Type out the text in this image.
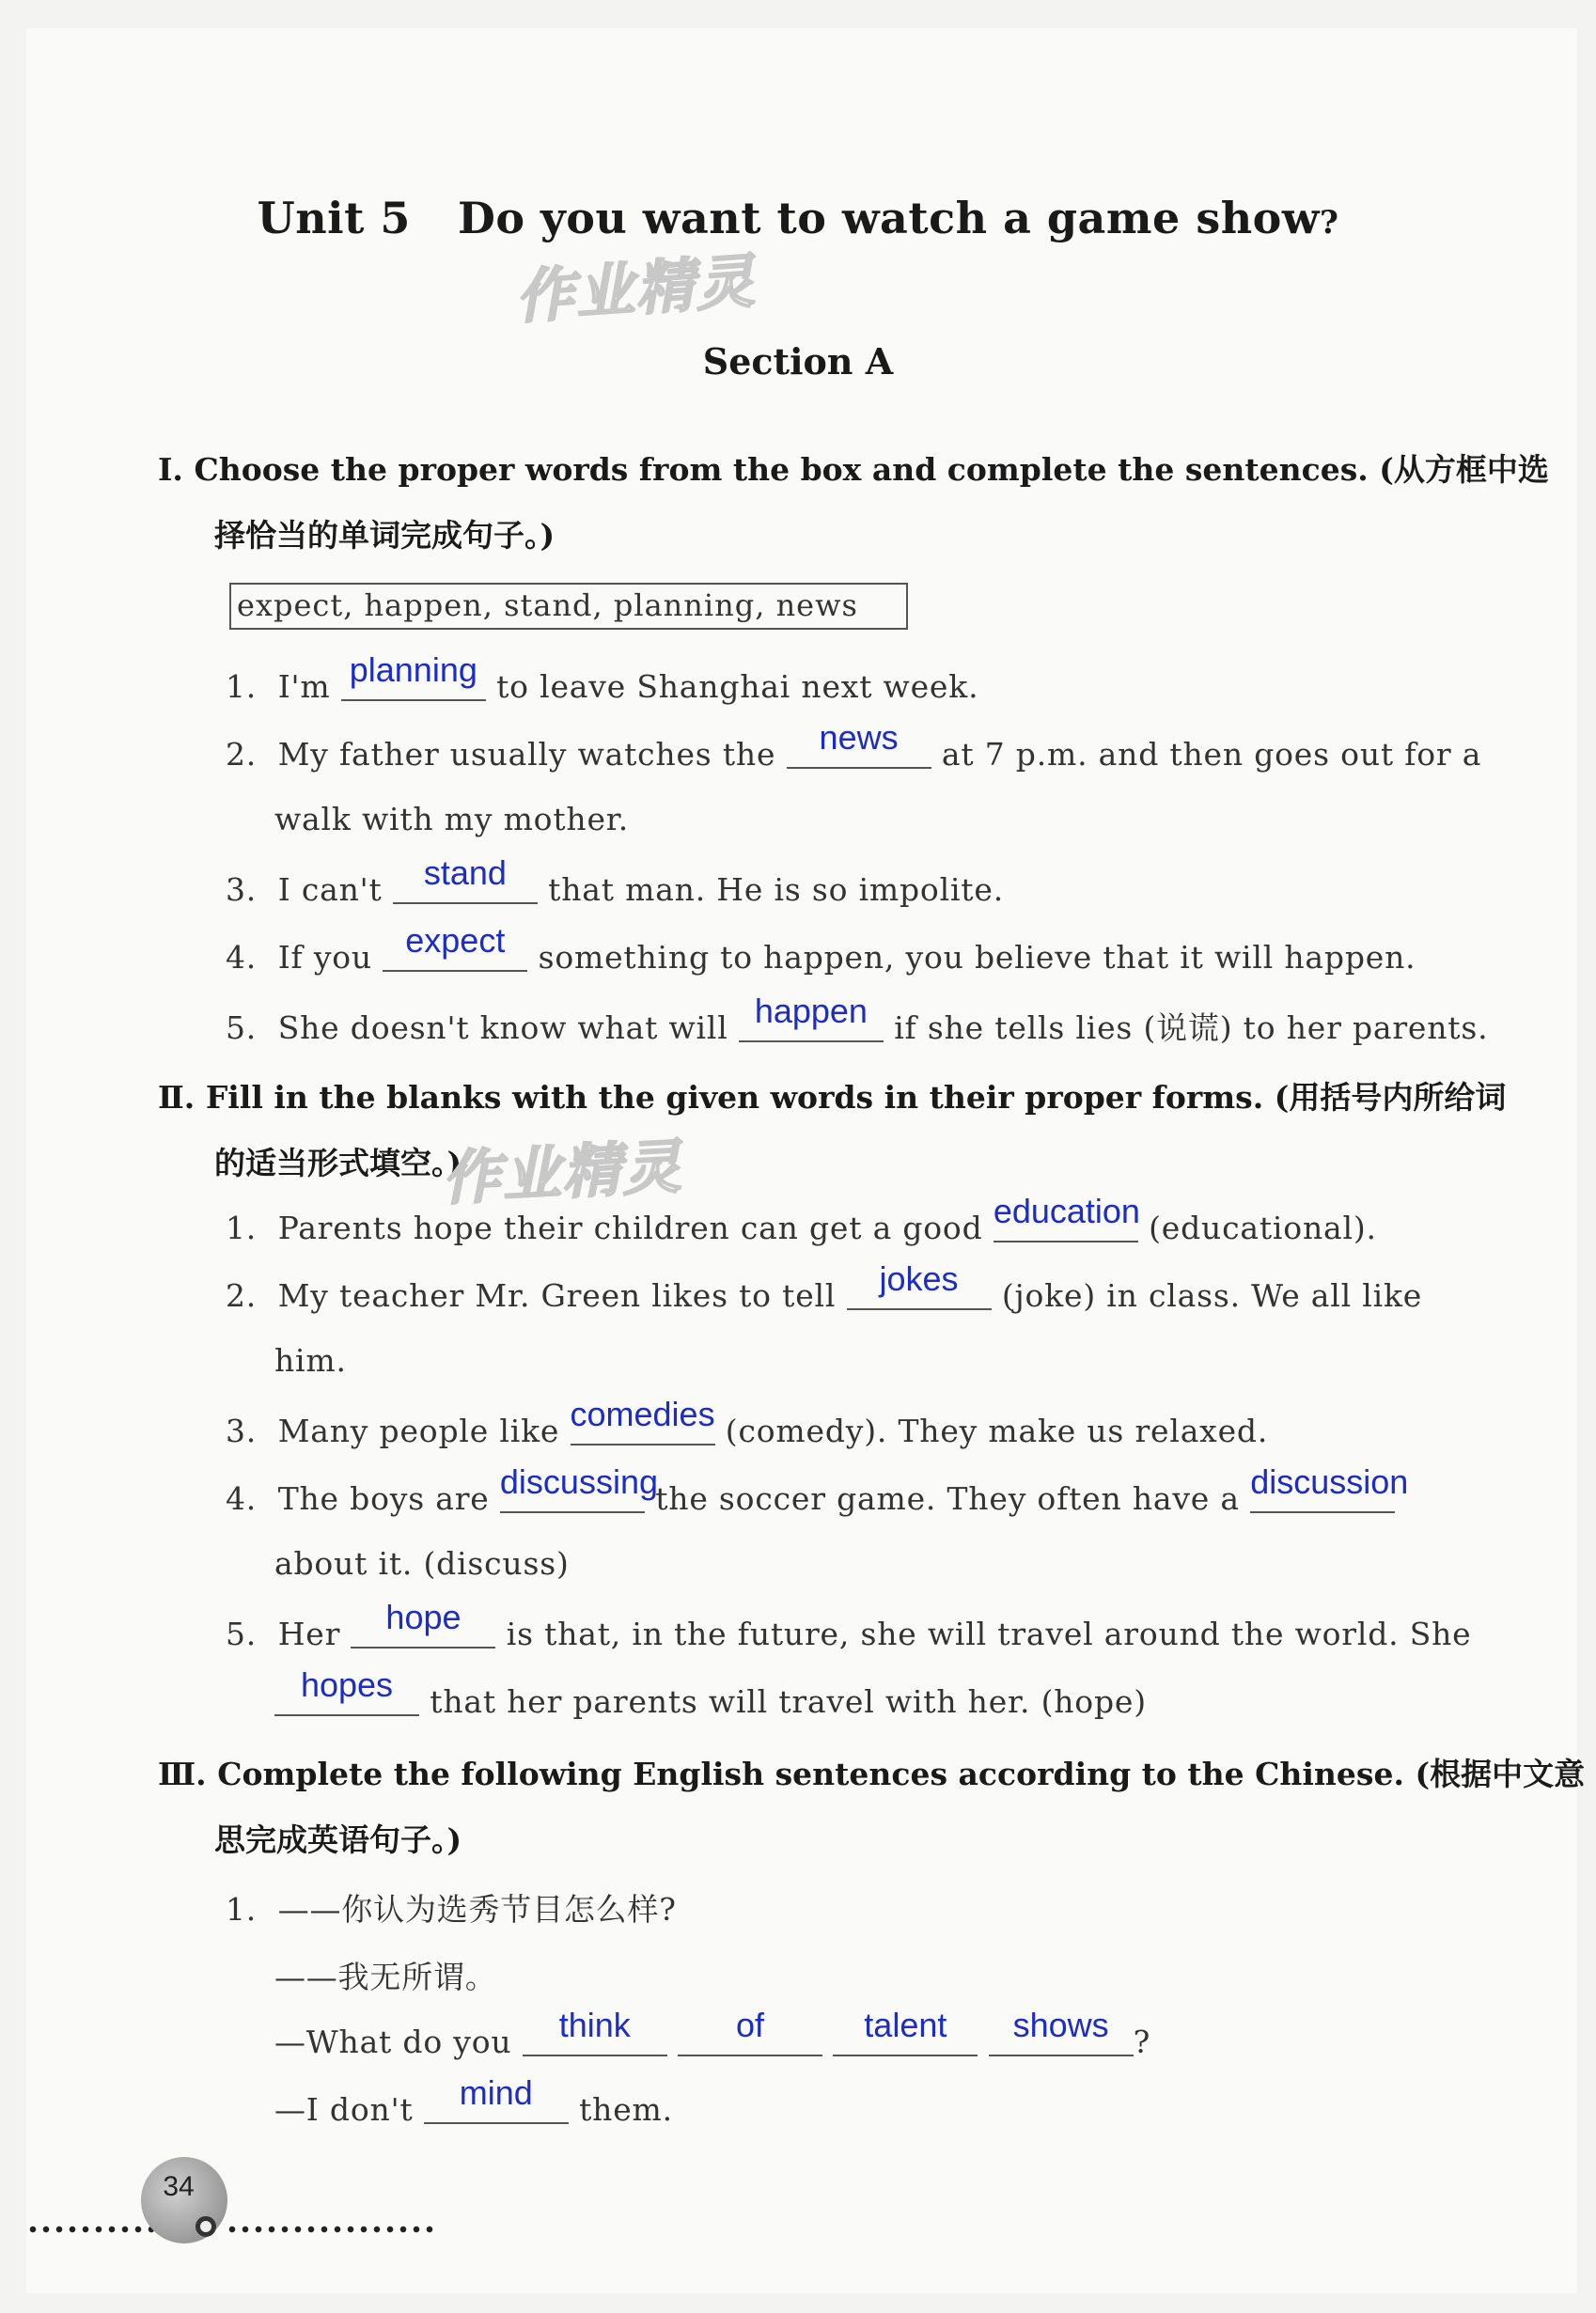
Unit 5 Do you want to watch a game show?
作业精灵
Section A
Ⅰ. Choose the proper words from the box and complete the sentences. (从方框中选
择恰当的单词完成句子。)
expect, happen, stand, planning, news
1. I'm planning to leave Shanghai next week.
2. My father usually watches the	news	at 7 p.m. and then goes out for a
walk with my mother.
3. I can't	stand	that man. He is so impolite.
4. If you expect	something to happen, you believe that it will happen.
5. She doesn't know what will happen if she tells lies (说谎) to her parents.
Ⅱ. Fill in the blanks with the given words in their proper forms. (用括号内所给词
的适当形式填空。)
作业精灵
1. Parents hope their children can get a good education (educational).
2. My teacher Mr. Green likes to tell	jokes	(joke) in class. We all like
him.
3. Many people like comedies (comedy). They make us relaxed.
4. The boys are discussing
the soccer game. They often have a discussion
about it. (discuss)
5. Her	hope	is that, in the future, she will travel around the world. She
hopes	that her parents will travel with her. (hope)
Ⅲ. Complete the following English sentences according to the Chinese. (根据中文意
思完成英语句子。)
1. ——你认为选秀节目怎么样?
——我无所谓。
—What do you	think
	of
	talent
	shows ?
—I don't	mind	them.
34
